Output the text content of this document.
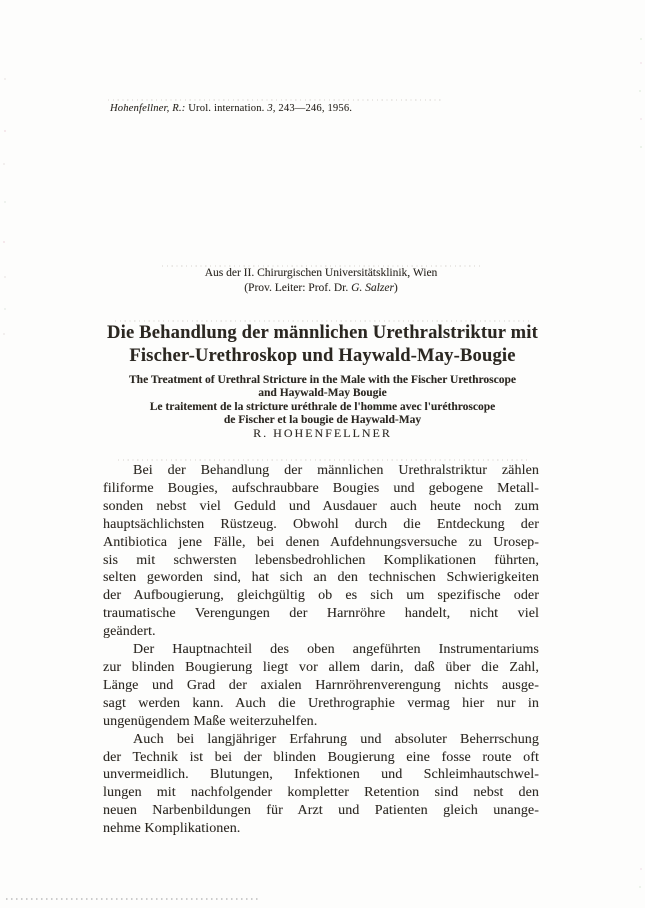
Hohenfellner, R.: Urol. internation. 3, 243—246, 1956.

Aus der II. Chirurgischen Universitätsklinik, Wien
(Prov. Leiter: Prof. Dr. G. Salzer)
Die Behandlung der männlichen Urethralstriktur mit
Fischer-Urethroskop und Haywald-May-Bougie
The Treatment of Urethral Stricture in the Male with the Fischer Urethroscope
and Haywald-May Bougie
Le traitement de la stricture uréthrale de l'homme avec l'uréthroscope
de Fischer et la bougie de Haywald-May
R. HOHENFELLNER
Bei der Behandlung der männlichen Urethralstriktur zählen
filiforme Bougies, aufschraubbare Bougies und gebogene Metall-
sonden nebst viel Geduld und Ausdauer auch heute noch zum
hauptsächlichsten Rüstzeug. Obwohl durch die Entdeckung der
Antibiotica jene Fälle, bei denen Aufdehnungsversuche zu Urosep-
sis mit schwersten lebensbedrohlichen Komplikationen führten,
selten geworden sind, hat sich an den technischen Schwierigkeiten
der Aufbougierung, gleichgültig ob es sich um spezifische oder
traumatische Verengungen der Harnröhre handelt, nicht viel
geändert.
Der Hauptnachteil des oben angeführten Instrumentariums
zur blinden Bougierung liegt vor allem darin, daß über die Zahl,
Länge und Grad der axialen Harnröhrenverengung nichts ausge-
sagt werden kann. Auch die Urethrographie vermag hier nur in
ungenügendem Maße weiterzuhelfen.
Auch bei langjähriger Erfahrung und absoluter Beherrschung
der Technik ist bei der blinden Bougierung eine fosse route oft
unvermeidlich. Blutungen, Infektionen und Schleimhautschwel-
lungen mit nachfolgender kompletter Retention sind nebst den
neuen Narbenbildungen für Arzt und Patienten gleich unange-
nehme Komplikationen.
